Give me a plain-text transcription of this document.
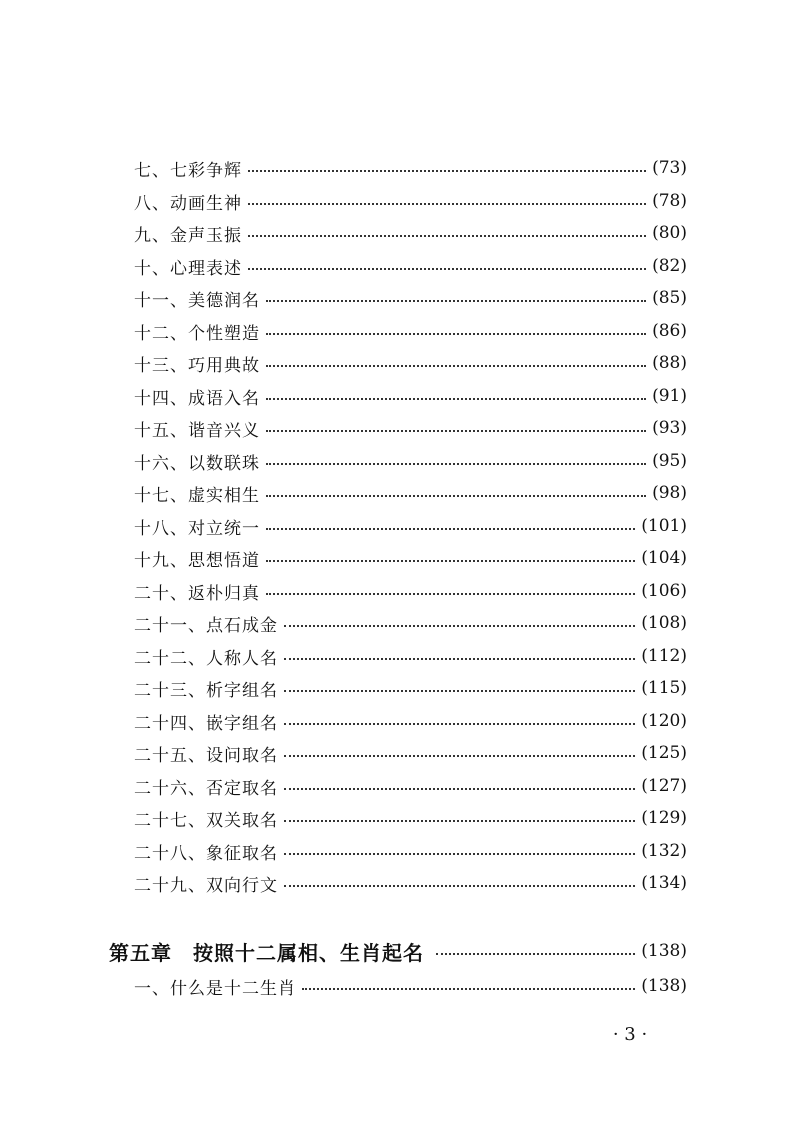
七、七彩争辉	(73)
八、动画生神	(78)
九、金声玉振	(80)
十、心理表述	(82)
十一、美德润名	(85)
十二、个性塑造	(86)
十三、巧用典故	(88)
十四、成语入名	(91)
十五、谐音兴义	(93)
十六、以数联珠	(95)
十七、虚实相生	(98)
十八、对立统一	(101)
十九、思想悟道	(104)
二十、返朴归真	(106)
二十一、点石成金	(108)
二十二、人称人名	(112)
二十三、析字组名	(115)
二十四、嵌字组名	(120)
二十五、设问取名	(125)
二十六、否定取名	(127)
二十七、双关取名	(129)
二十八、象征取名	(132)
二十九、双向行文	(134)
第五章　按照十二属相、生肖起名	(138)
一、什么是十二生肖	(138)
· 3 ·
